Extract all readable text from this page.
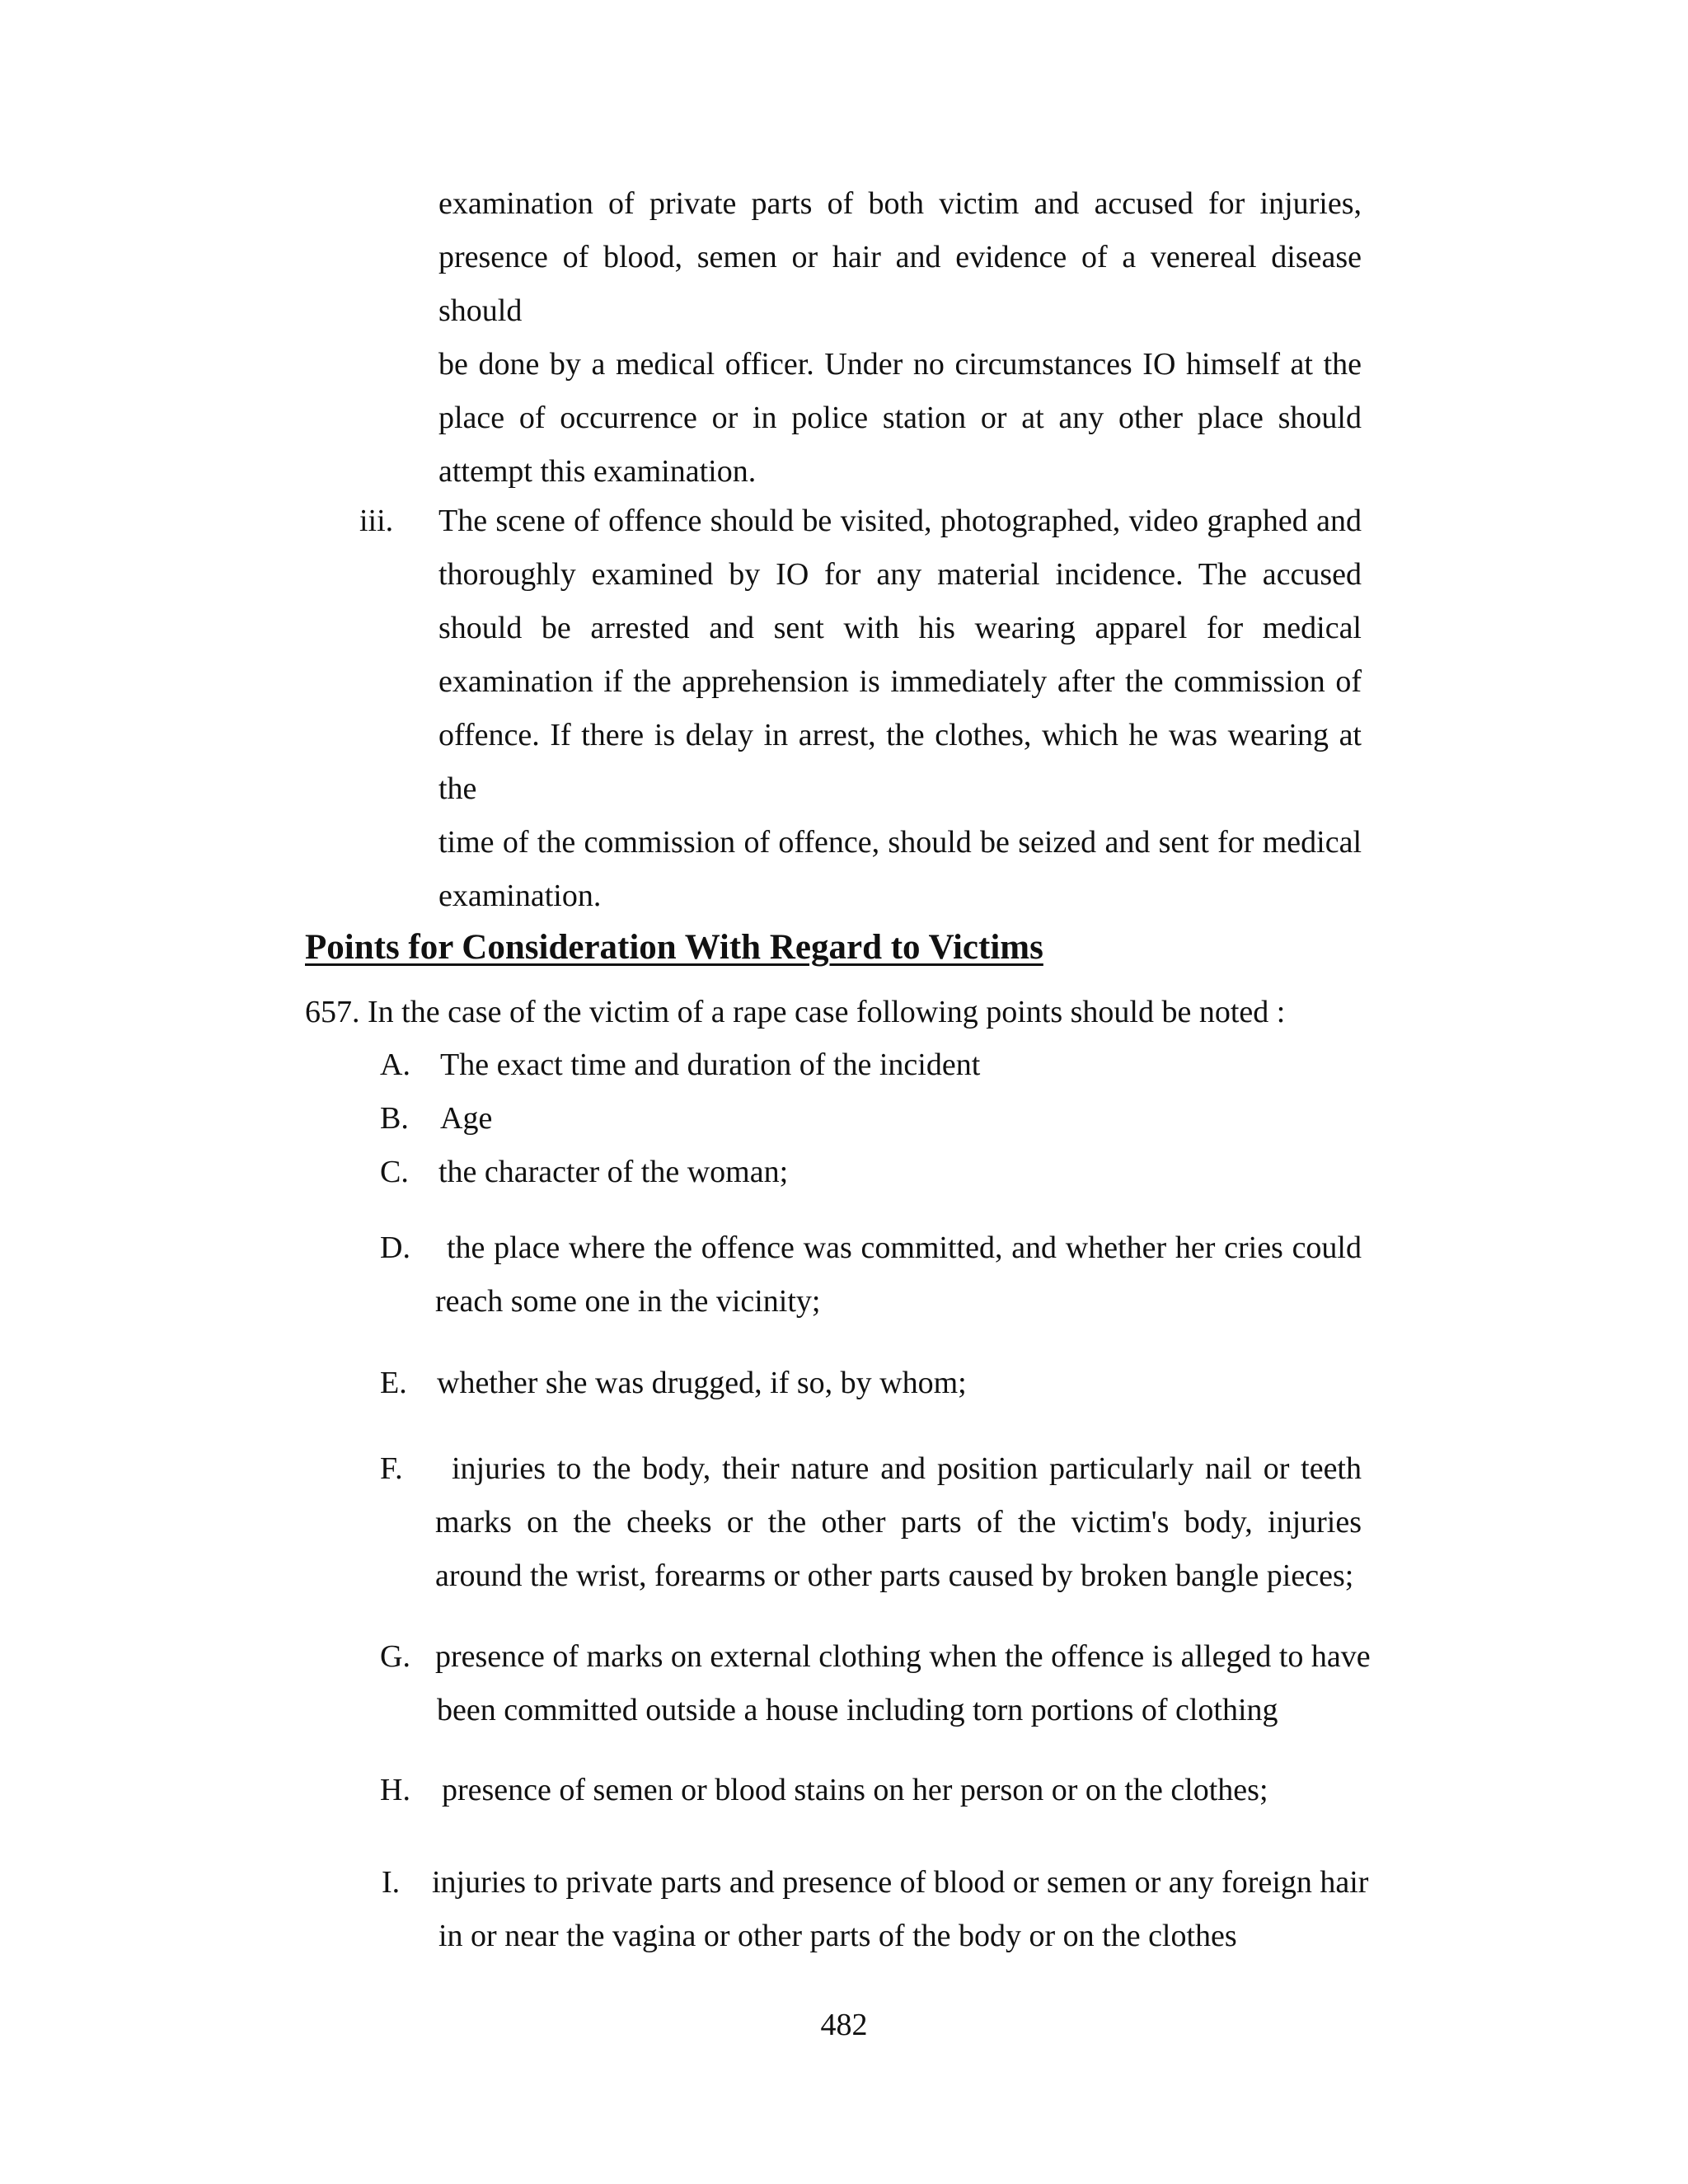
examination of private parts of both victim and accused for injuries,
presence of blood, semen or hair and evidence of a venereal disease should
be done by a medical officer. Under no circumstances IO himself at the
place of occurrence or in police station or at any other place should
attempt this examination.
iii. The scene of offence should be visited, photographed, video graphed and
thoroughly examined by IO for any material incidence. The accused
should be arrested and sent with his wearing apparel for medical
examination if the apprehension is immediately after the commission of
offence. If there is delay in arrest, the clothes, which he was wearing at the
time of the commission of offence, should be seized and sent for medical
examination.
Points for Consideration With Regard to Victims
657. In the case of the victim of a rape case following points should be noted :
A. The exact time and duration of the incident
B. Age
C. the character of the woman;
D.	the place where the offence was committed, and whether her cries could
reach some one in the vicinity;
E. whether she was drugged, if so, by whom;
F.	injuries to the body, their nature and position particularly nail or teeth
marks on the cheeks or the other parts of the victim's body, injuries
around the wrist, forearms or other parts caused by broken bangle pieces;
G. presence of marks on external clothing when the offence is alleged to have
been committed outside a house including torn portions of clothing
H. presence of semen or blood stains on her person or on the clothes;
I. injuries to private parts and presence of blood or semen or any foreign hair
in or near the vagina or other parts of the body or on the clothes
482
